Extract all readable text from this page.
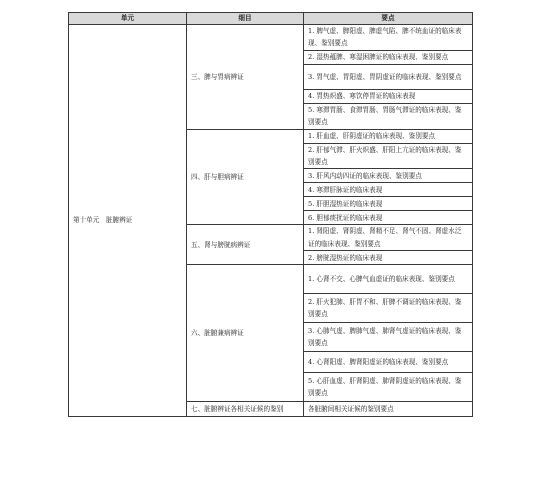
单元	细目	要点
第十单元　脏腑辨证	三、脾与胃病辨证	1. 脾气虚、脾阳虚、脾虚气陷、脾不统血证的临床表现、鉴别要点
		2. 湿热蕴脾、寒湿困脾证的临床表现、鉴别要点
		3. 胃气虚、胃阳虚、胃阴虚证的临床表现、鉴别要点
		4. 胃热炽盛、寒饮停胃证的临床表现
		5. 寒滞胃肠、食滞胃肠、胃肠气滞证的临床表现、鉴别要点
	四、肝与胆病辨证	1. 肝血虚、肝阴虚证的临床表现、鉴别要点
		2. 肝郁气滞、肝火炽盛、肝阳上亢证的临床表现、鉴别要点
		3. 肝风内动四证的临床表现、鉴别要点
		4. 寒滞肝脉证的临床表现
		5. 肝胆湿热证的临床表现
		6. 胆郁痰扰证的临床表现
	五、肾与膀胱病辨证	1. 肾阳虚、肾阴虚、肾精不足、肾气不固、肾虚水泛证的临床表现、鉴别要点
		2. 膀胱湿热证的临床表现
	六、脏腑兼病辨证	1. 心肾不交、心脾气血虚证的临床表现、鉴别要点
		2. 肝火犯肺、肝胃不和、肝脾不调证的临床表现、鉴别要点
		3. 心肺气虚、脾肺气虚、肺肾气虚证的临床表现、鉴别要点
		4. 心肾阳虚、脾肾阳虚证的临床表现、鉴别要点
		5. 心肝血虚、肝肾阴虚、肺肾阴虚证的临床表现、鉴别要点
	七、脏腑辨证各相关证候的鉴别	各脏腑间相关证候的鉴别要点
